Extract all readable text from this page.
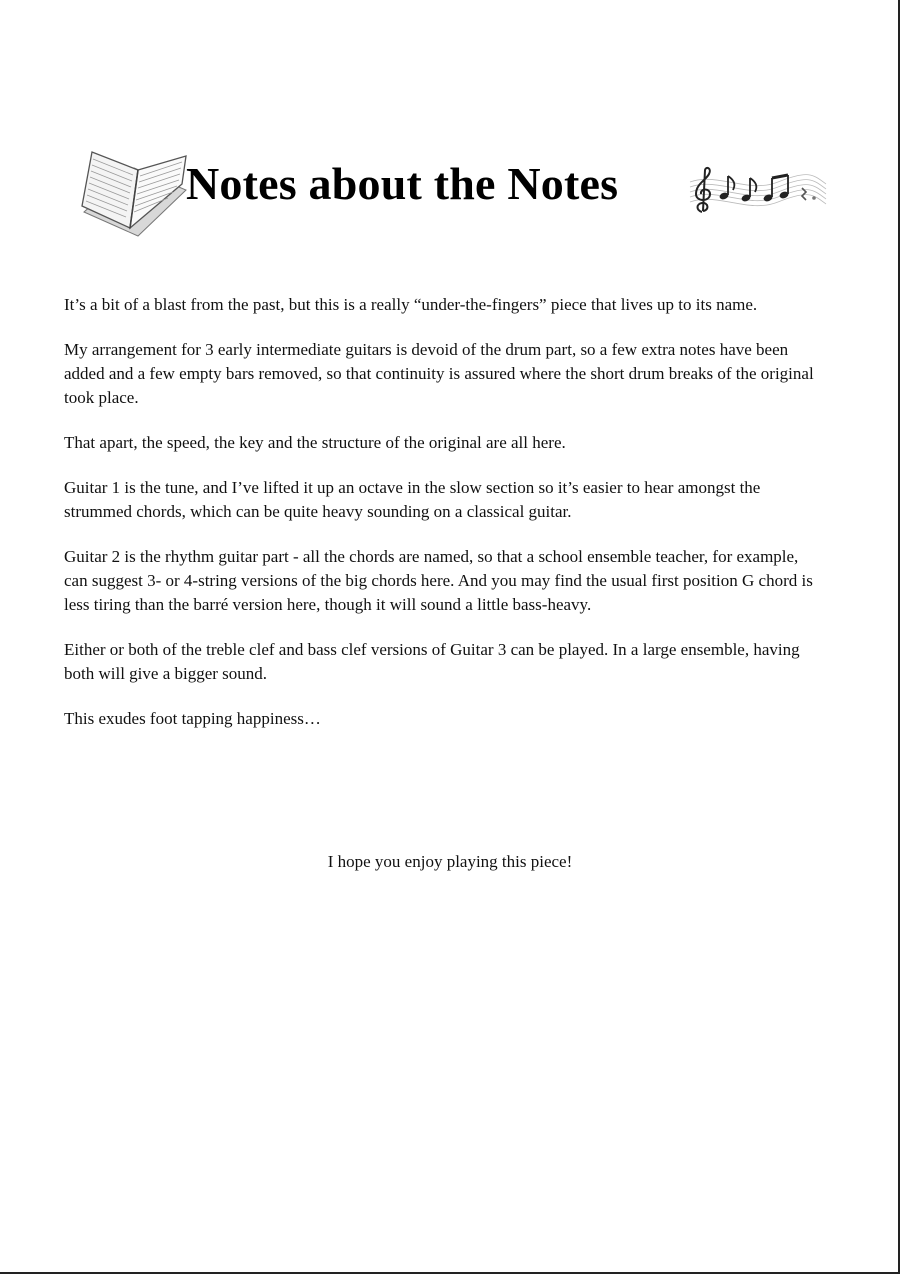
Notes about the Notes

It’s a bit of a blast from the past, but this is a really “under-the-fingers” piece that lives up to its name.

My arrangement for 3 early intermediate guitars is devoid of the drum part, so a few extra notes have been added and a few empty bars removed, so that continuity is assured where the short drum breaks of the original took place.

That apart, the speed, the key and the structure of the original are all here.

Guitar 1 is the tune, and I’ve lifted it up an octave in the slow section so it’s easier to hear amongst the strummed chords, which can be quite heavy sounding on a classical guitar.

Guitar 2 is the rhythm guitar part - all the chords are named, so that a school ensemble teacher, for example, can suggest 3- or 4-string versions of the big chords here. And you may find the usual first position G chord is less tiring than the barré version here, though it will sound a little bass-heavy.

Either or both of the treble clef and bass clef versions of Guitar 3 can be played. In a large ensemble, having both will give a bigger sound.

This exudes foot tapping happiness…

I hope you enjoy playing this piece!
